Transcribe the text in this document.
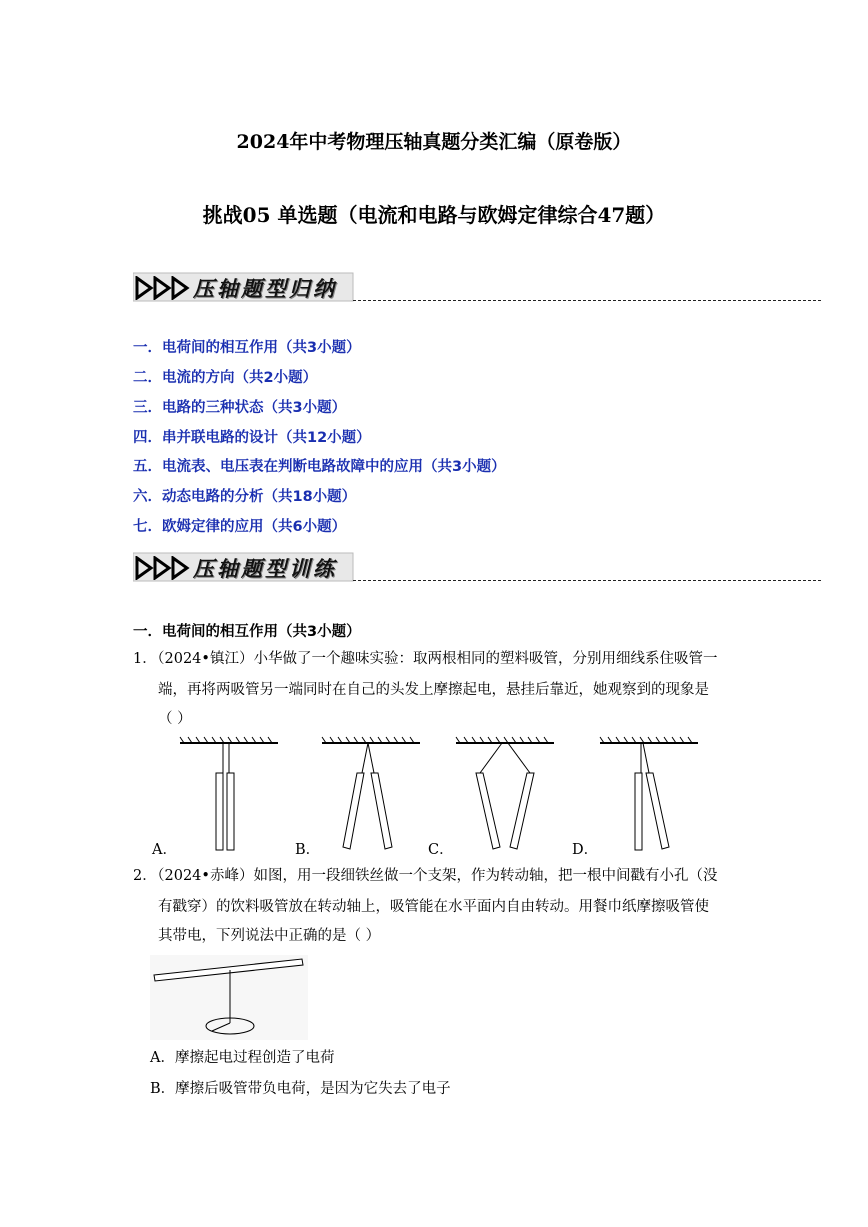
2024年中考物理压轴真题分类汇编（原卷版）
挑战05 单选题（电流和电路与欧姆定律综合47题）
压轴题型归纳
一．电荷间的相互作用（共3小题）
二．电流的方向（共2小题）
三．电路的三种状态（共3小题）
四．串并联电路的设计（共12小题）
五．电流表、电压表在判断电路故障中的应用（共3小题）
六．动态电路的分析（共18小题）
七．欧姆定律的应用（共6小题）
压轴题型训练
一．电荷间的相互作用（共3小题）
1．
（2024•镇江）小华做了一个趣味实验：取两根相同的塑料吸管，分别用细线系住吸管一
端，再将两吸管另一端同时在自己的头发上摩擦起电，悬挂后靠近，她观察到的现象是
（ ）
A．	B．	C．	D．
2．
（2024•赤峰）如图，用一段细铁丝做一个支架，作为转动轴，把一根中间戳有小孔（没
有戳穿）的饮料吸管放在转动轴上，吸管能在水平面内自由转动。用餐巾纸摩擦吸管使
其带电，下列说法中正确的是（ ）
A．摩擦起电过程创造了电荷
B．摩擦后吸管带负电荷，是因为它失去了电子
